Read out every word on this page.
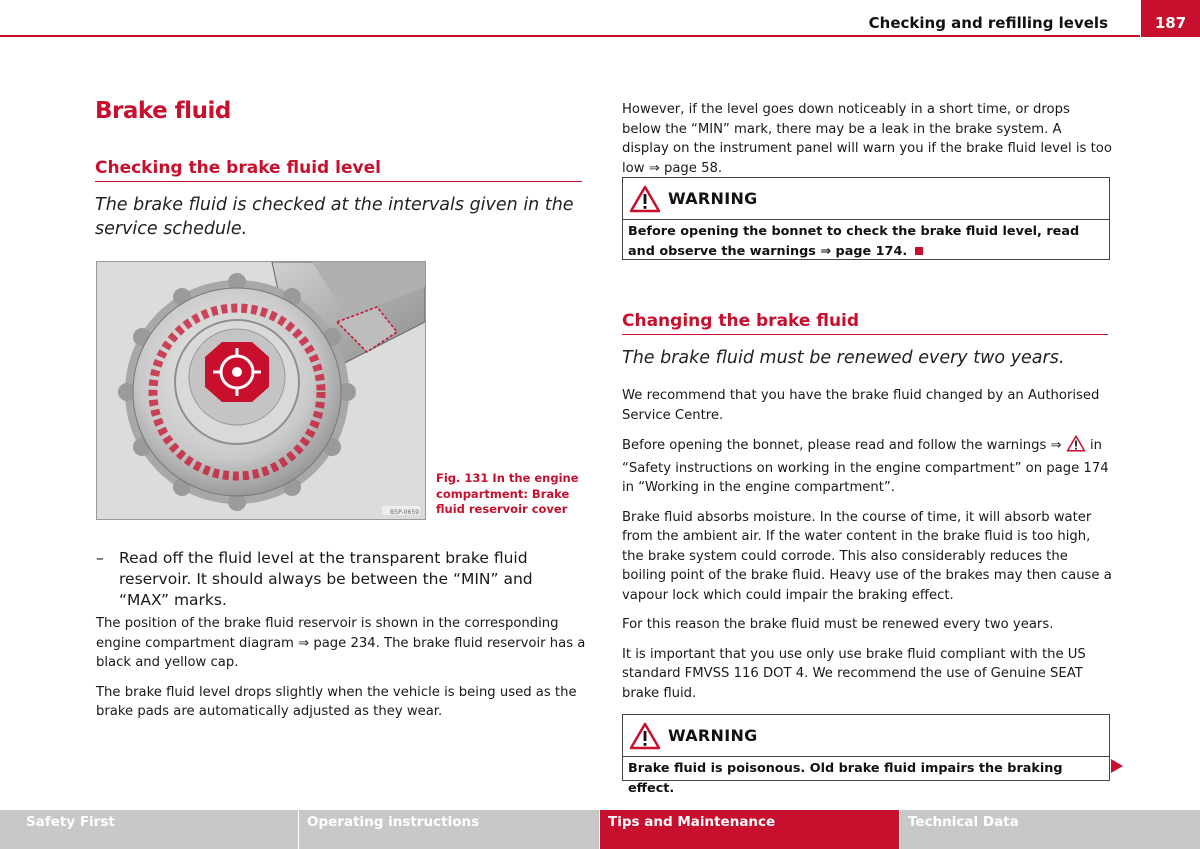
Checking and refilling levels	187
Brake fluid
Checking the brake fluid level
The brake fluid is checked at the intervals given in the service schedule.
B5P-0659
Fig. 131 In the engine compartment: Brake fluid reservoir cover
– Read off the fluid level at the transparent brake fluid reservoir. It should always be between the “MIN” and “MAX” marks.

The position of the brake fluid reservoir is shown in the corresponding engine compartment diagram ⇒ page 234. The brake fluid reservoir has a black and yellow cap.

The brake fluid level drops slightly when the vehicle is being used as the brake pads are automatically adjusted as they wear.

However, if the level goes down noticeably in a short time, or drops below the “MIN” mark, there may be a leak in the brake system. A display on the instrument panel will warn you if the brake fluid level is too low ⇒ page 58.

WARNING
Before opening the bonnet to check the brake fluid level, read and observe the warnings ⇒ page 174.
Changing the brake fluid
The brake fluid must be renewed every two years.

We recommend that you have the brake fluid changed by an Authorised Service Centre.

Before opening the bonnet, please read and follow the warnings ⇒ in “Safety instructions on working in the engine compartment” on page 174 in “Working in the engine compartment”.

Brake fluid absorbs moisture. In the course of time, it will absorb water from the ambient air. If the water content in the brake fluid is too high, the brake system could corrode. This also considerably reduces the boiling point of the brake fluid. Heavy use of the brakes may then cause a vapour lock which could impair the braking effect.

For this reason the brake fluid must be renewed every two years.

It is important that you use only use brake fluid compliant with the US standard FMVSS 116 DOT 4. We recommend the use of Genuine SEAT brake fluid.

WARNING
Brake fluid is poisonous. Old brake fluid impairs the braking effect.
Safety First	Operating instructions	Tips and Maintenance	Technical Data
